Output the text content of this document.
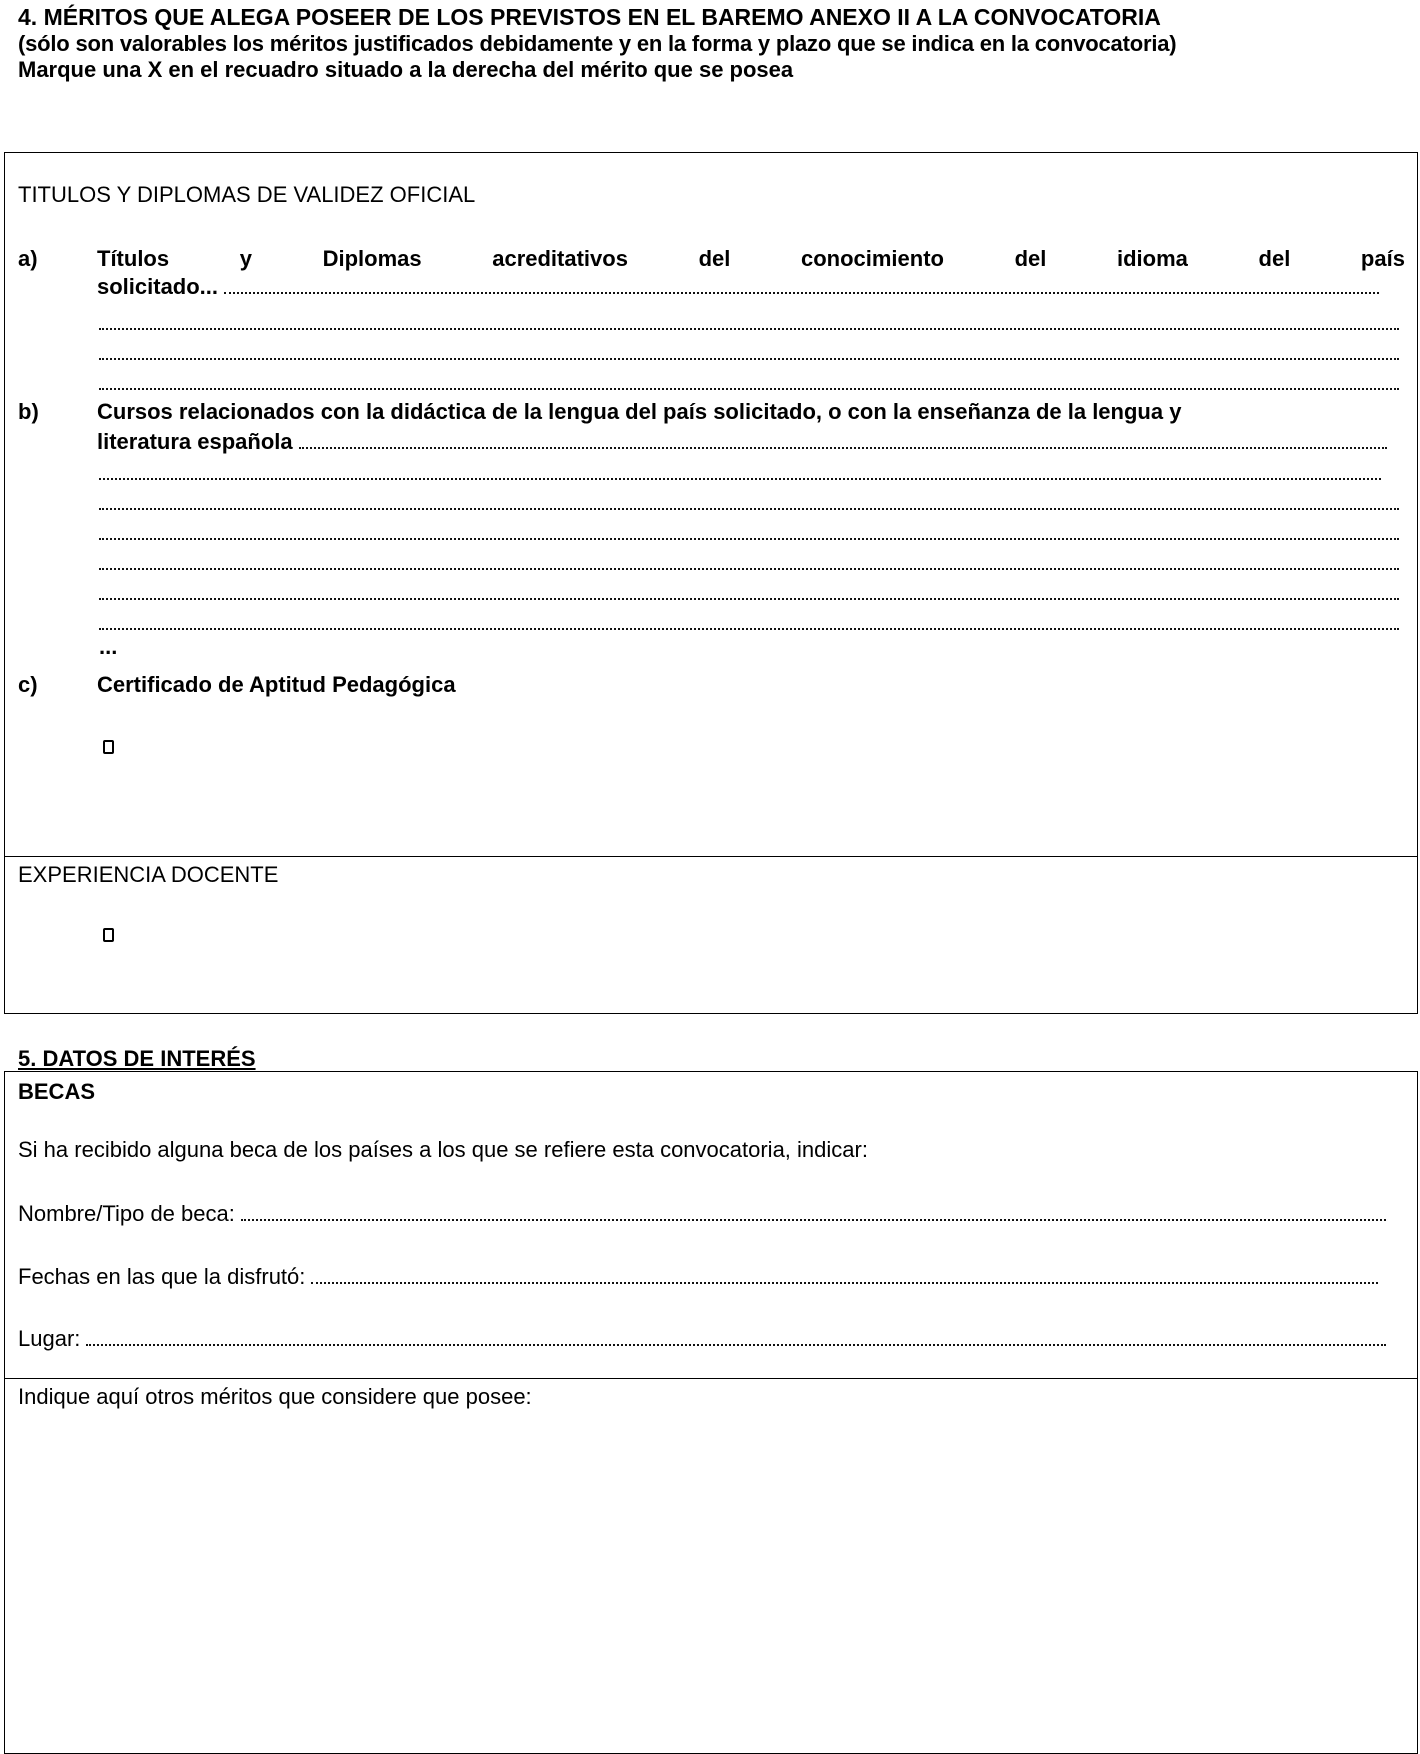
4. MÉRITOS QUE ALEGA POSEER DE LOS PREVISTOS EN EL BAREMO ANEXO II A LA CONVOCATORIA
(sólo son valorables los méritos justificados debidamente y en la forma y plazo que se indica en la convocatoria)
Marque una X en el recuadro situado a la derecha del mérito que se posea
TITULOS Y DIPLOMAS DE VALIDEZ OFICIAL
a)	Títulos	y	Diplomas	acreditativos	del	conocimiento	del	idioma	del	país
solicitado...
b)	Cursos relacionados con la didáctica de la lengua del país solicitado, o con la enseñanza de la lengua y
literatura española
...
c)	Certificado de Aptitud Pedagógica
EXPERIENCIA DOCENTE
5. DATOS DE INTERÉS
BECAS
Si ha recibido alguna beca de los países a los que se refiere esta convocatoria, indicar:
Nombre/Tipo de beca:
Fechas en las que la disfrutó:
Lugar:
Indique aquí otros méritos que considere que posee:
